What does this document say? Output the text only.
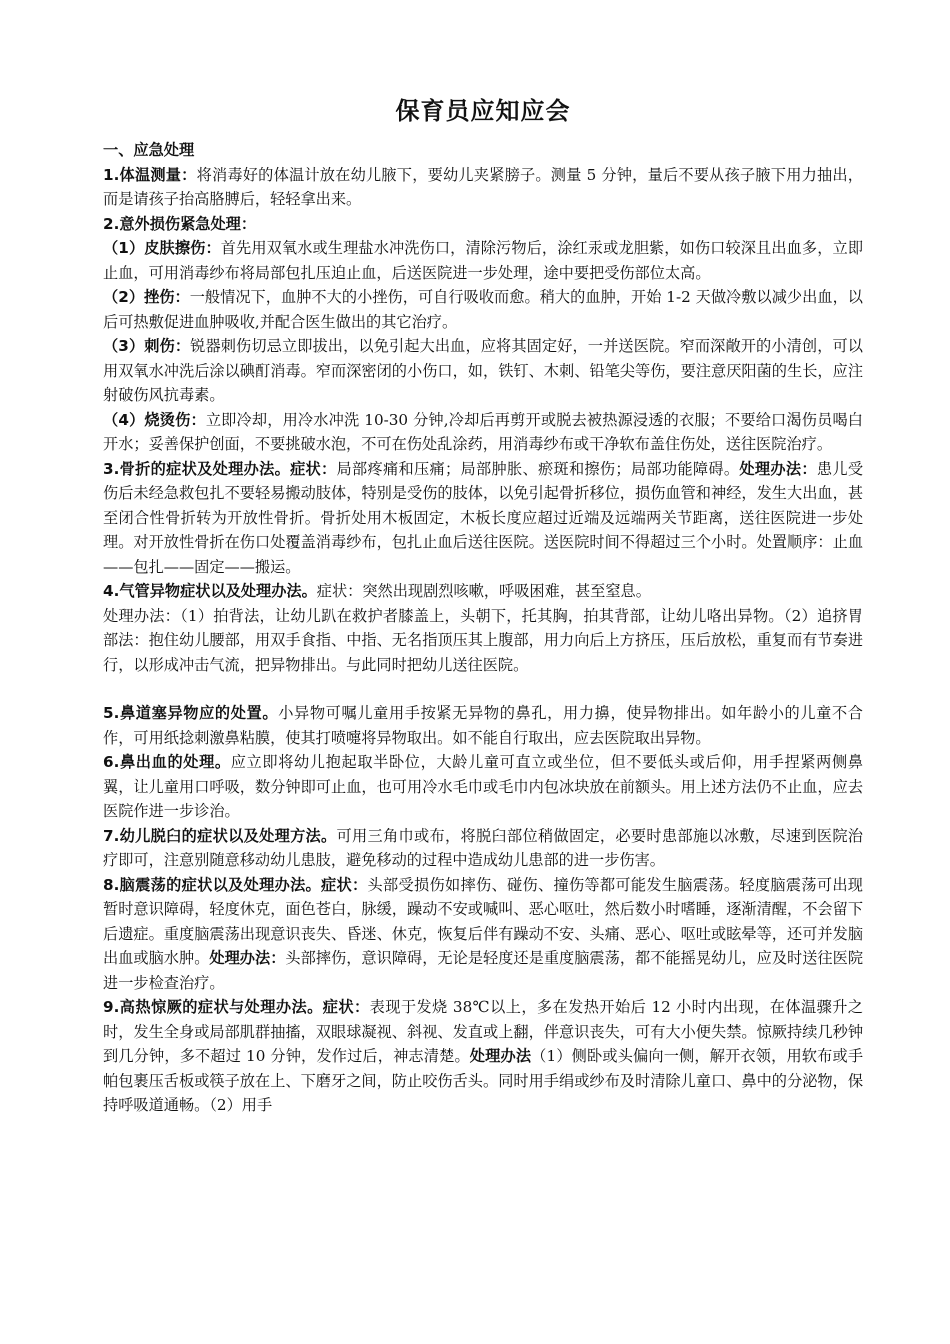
保育员应知应会

一、应急处理

1.体温测量：将消毒好的体温计放在幼儿腋下，要幼儿夹紧膀子。测量 5 分钟，量后不要从孩子腋下用力抽出，而是请孩子抬高胳膊后，轻轻拿出来。

2.意外损伤紧急处理：

（1）皮肤擦伤：首先用双氧水或生理盐水冲洗伤口，清除污物后，涂红汞或龙胆紫，如伤口较深且出血多，立即止血，可用消毒纱布将局部包扎压迫止血，后送医院进一步处理，途中要把受伤部位太高。

（2）挫伤：一般情况下，血肿不大的小挫伤，可自行吸收而愈。稍大的血肿，开始 1-2 天做冷敷以减少出血，以后可热敷促进血肿吸收,并配合医生做出的其它治疗。

（3）刺伤：锐器刺伤切忌立即拔出，以免引起大出血，应将其固定好，一并送医院。窄而深敞开的小清创，可以用双氧水冲洗后涂以碘酊消毒。窄而深密闭的小伤口，如，铁钉、木刺、铅笔尖等伤，要注意厌阳菌的生长，应注射破伤风抗毒素。

（4）烧烫伤：立即冷却，用冷水冲洗 10-30 分钟,冷却后再剪开或脱去被热源浸透的衣服；不要给口渴伤员喝白开水；妥善保护创面，不要挑破水泡，不可在伤处乱涂药，用消毒纱布或干净软布盖住伤处，送往医院治疗。

3.骨折的症状及处理办法。症状：局部疼痛和压痛；局部肿胀、瘀斑和擦伤；局部功能障碍。处理办法：患儿受伤后未经急救包扎不要轻易搬动肢体，特别是受伤的肢体，以免引起骨折移位，损伤血管和神经，发生大出血，甚至闭合性骨折转为开放性骨折。骨折处用木板固定，木板长度应超过近端及远端两关节距离，送往医院进一步处理。对开放性骨折在伤口处覆盖消毒纱布，包扎止血后送往医院。送医院时间不得超过三个小时。处置顺序：止血——包扎——固定——搬运。

4.气管异物症状以及处理办法。症状：突然出现剧烈咳嗽，呼吸困难，甚至窒息。

处理办法：（1）拍背法，让幼儿趴在救护者膝盖上，头朝下，托其胸，拍其背部，让幼儿咯出异物。（2）追挤胃部法：抱住幼儿腰部，用双手食指、中指、无名指顶压其上腹部，用力向后上方挤压，压后放松，重复而有节奏进行，以形成冲击气流，把异物排出。与此同时把幼儿送往医院。

5.鼻道塞异物应的处置。小异物可嘱儿童用手按紧无异物的鼻孔，用力擤，使异物排出。如年龄小的儿童不合作，可用纸捻刺激鼻粘膜，使其打喷嚏将异物取出。如不能自行取出，应去医院取出异物。

6.鼻出血的处理。应立即将幼儿抱起取半卧位，大龄儿童可直立或坐位，但不要低头或后仰，用手捏紧两侧鼻翼，让儿童用口呼吸，数分钟即可止血，也可用冷水毛巾或毛巾内包冰块放在前额头。用上述方法仍不止血，应去医院作进一步诊治。

7.幼儿脱臼的症状以及处理方法。可用三角巾或布，将脱臼部位稍做固定，必要时患部施以冰敷，尽速到医院治疗即可，注意别随意移动幼儿患肢，避免移动的过程中造成幼儿患部的进一步伤害。

8.脑震荡的症状以及处理办法。症状：头部受损伤如摔伤、碰伤、撞伤等都可能发生脑震荡。轻度脑震荡可出现暂时意识障碍，轻度休克，面色苍白，脉缓，躁动不安或喊叫、恶心呕吐，然后数小时嗜睡，逐渐清醒，不会留下后遗症。重度脑震荡出现意识丧失、昏迷、休克，恢复后伴有躁动不安、头痛、恶心、呕吐或眩晕等，还可并发脑出血或脑水肿。处理办法：头部摔伤，意识障碍，无论是轻度还是重度脑震荡，都不能摇晃幼儿，应及时送往医院进一步检查治疗。

9.高热惊厥的症状与处理办法。症状：表现于发烧 38℃以上，多在发热开始后 12 小时内出现，在体温骤升之时，发生全身或局部肌群抽搐，双眼球凝视、斜视、发直或上翻，伴意识丧失，可有大小便失禁。惊厥持续几秒钟到几分钟，多不超过 10 分钟，发作过后，神志清楚。处理办法（1）侧卧或头偏向一侧，解开衣领，用软布或手帕包裹压舌板或筷子放在上、下磨牙之间，防止咬伤舌头。同时用手绢或纱布及时清除儿童口、鼻中的分泌物，保持呼吸道通畅。（2）用手
